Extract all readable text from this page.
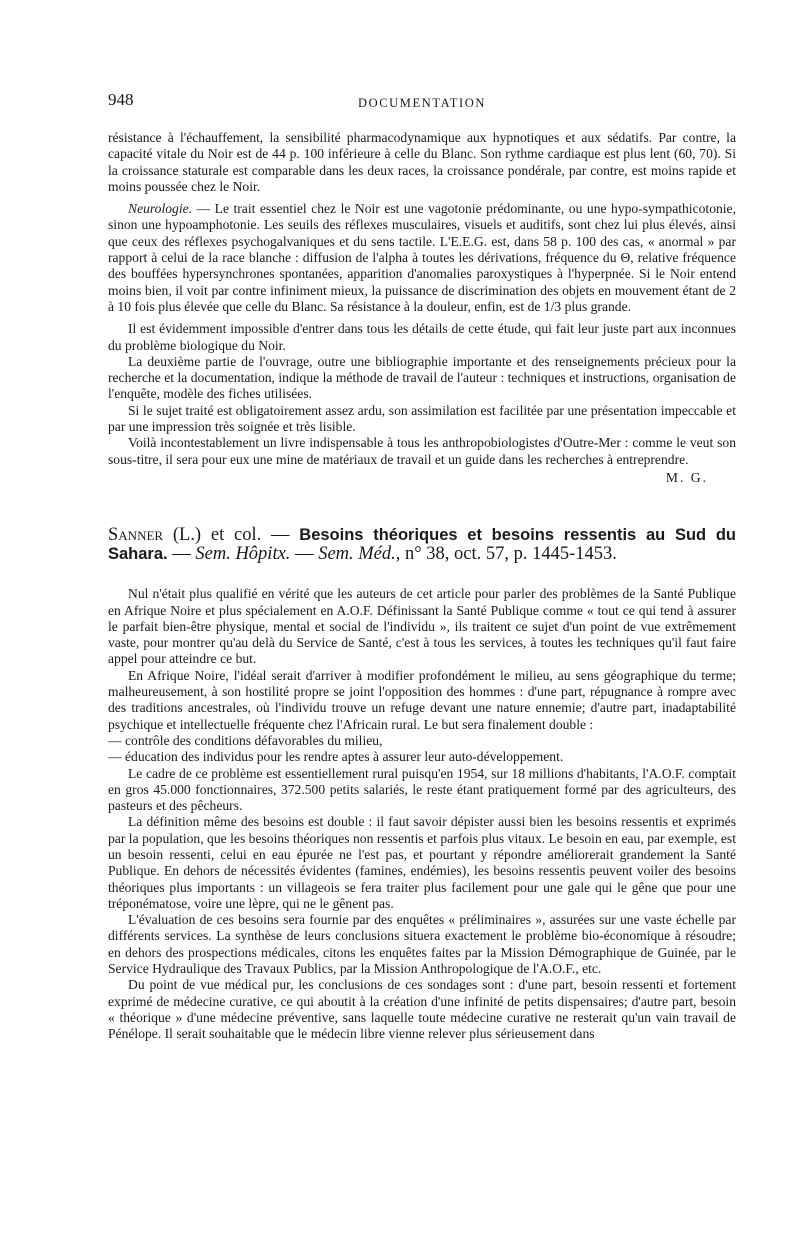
948	DOCUMENTATION

résistance à l'échauffement, la sensibilité pharmacodynamique aux hypnotiques et aux sédatifs. Par contre, la capacité vitale du Noir est de 44 p. 100 inférieure à celle du Blanc. Son rythme cardiaque est plus lent (60, 70). Si la croissance staturale est comparable dans les deux races, la croissance pondérale, par contre, est moins rapide et moins poussée chez le Noir.

Neurologie. — Le trait essentiel chez le Noir est une vagotonie prédominante, ou une hypo-sympathicotonie, sinon une hypoamphotonie. Les seuils des réflexes musculaires, visuels et auditifs, sont chez lui plus élevés, ainsi que ceux des réflexes psychogalvaniques et du sens tactile. L'E.E.G. est, dans 58 p. 100 des cas, « anormal » par rapport à celui de la race blanche : diffusion de l'alpha à toutes les dérivations, fréquence du Θ, relative fréquence des bouffées hypersynchrones spontanées, apparition d'anomalies paroxystiques à l'hyperpnée. Si le Noir entend moins bien, il voit par contre infiniment mieux, la puissance de discrimination des objets en mouvement étant de 2 à 10 fois plus élevée que celle du Blanc. Sa résistance à la douleur, enfin, est de 1/3 plus grande.

Il est évidemment impossible d'entrer dans tous les détails de cette étude, qui fait leur juste part aux inconnues du problème biologique du Noir.

La deuxième partie de l'ouvrage, outre une bibliographie importante et des renseignements précieux pour la recherche et la documentation, indique la méthode de travail de l'auteur : techniques et instructions, organisation de l'enquête, modèle des fiches utilisées.

Si le sujet traité est obligatoirement assez ardu, son assimilation est facilitée par une présentation impeccable et par une impression très soignée et très lisible.

Voilà incontestablement un livre indispensable à tous les anthropobiologistes d'Outre-Mer : comme le veut son sous-titre, il sera pour eux une mine de matériaux de travail et un guide dans les recherches à entreprendre.

M. G.

Sanner (L.) et col. — Besoins théoriques et besoins ressentis au Sud du Sahara. — Sem. Hôpitx. — Sem. Méd., n° 38, oct. 57, p. 1445-1453.

Nul n'était plus qualifié en vérité que les auteurs de cet article pour parler des problèmes de la Santé Publique en Afrique Noire et plus spécialement en A.O.F. Définissant la Santé Publique comme « tout ce qui tend à assurer le parfait bien-être physique, mental et social de l'individu », ils traitent ce sujet d'un point de vue extrêmement vaste, pour montrer qu'au delà du Service de Santé, c'est à tous les services, à toutes les techniques qu'il faut faire appel pour atteindre ce but.

En Afrique Noire, l'idéal serait d'arriver à modifier profondément le milieu, au sens géographique du terme; malheureusement, à son hostilité propre se joint l'opposition des hommes : d'une part, répugnance à rompre avec des traditions ancestrales, où l'individu trouve un refuge devant une nature ennemie; d'autre part, inadaptabilité psychique et intellectuelle fréquente chez l'Africain rural. Le but sera finalement double :

— contrôle des conditions défavorables du milieu,

— éducation des individus pour les rendre aptes à assurer leur auto-développement.

Le cadre de ce problème est essentiellement rural puisqu'en 1954, sur 18 millions d'habitants, l'A.O.F. comptait en gros 45.000 fonctionnaires, 372.500 petits salariés, le reste étant pratiquement formé par des agriculteurs, des pasteurs et des pêcheurs.

La définition même des besoins est double : il faut savoir dépister aussi bien les besoins ressentis et exprimés par la population, que les besoins théoriques non ressentis et parfois plus vitaux. Le besoin en eau, par exemple, est un besoin ressenti, celui en eau épurée ne l'est pas, et pourtant y répondre améliorerait grandement la Santé Publique. En dehors de nécessités évidentes (famines, endémies), les besoins ressentis peuvent voiler des besoins théoriques plus importants : un villageois se fera traiter plus facilement pour une gale qui le gêne que pour une tréponématose, voire une lèpre, qui ne le gênent pas.

L'évaluation de ces besoins sera fournie par des enquêtes « préliminaires », assurées sur une vaste échelle par différents services. La synthèse de leurs conclusions situera exactement le problème bio-économique à résoudre; en dehors des prospections médicales, citons les enquêtes faites par la Mission Démographique de Guinée, par le Service Hydraulique des Travaux Publics, par la Mission Anthropologique de l'A.O.F., etc.

Du point de vue médical pur, les conclusions de ces sondages sont : d'une part, besoin ressenti et fortement exprimé de médecine curative, ce qui aboutit à la création d'une infinité de petits dispensaires; d'autre part, besoin « théorique » d'une médecine préventive, sans laquelle toute médecine curative ne resterait qu'un vain travail de Pénélope. Il serait souhaitable que le médecin libre vienne relever plus sérieusement dans
